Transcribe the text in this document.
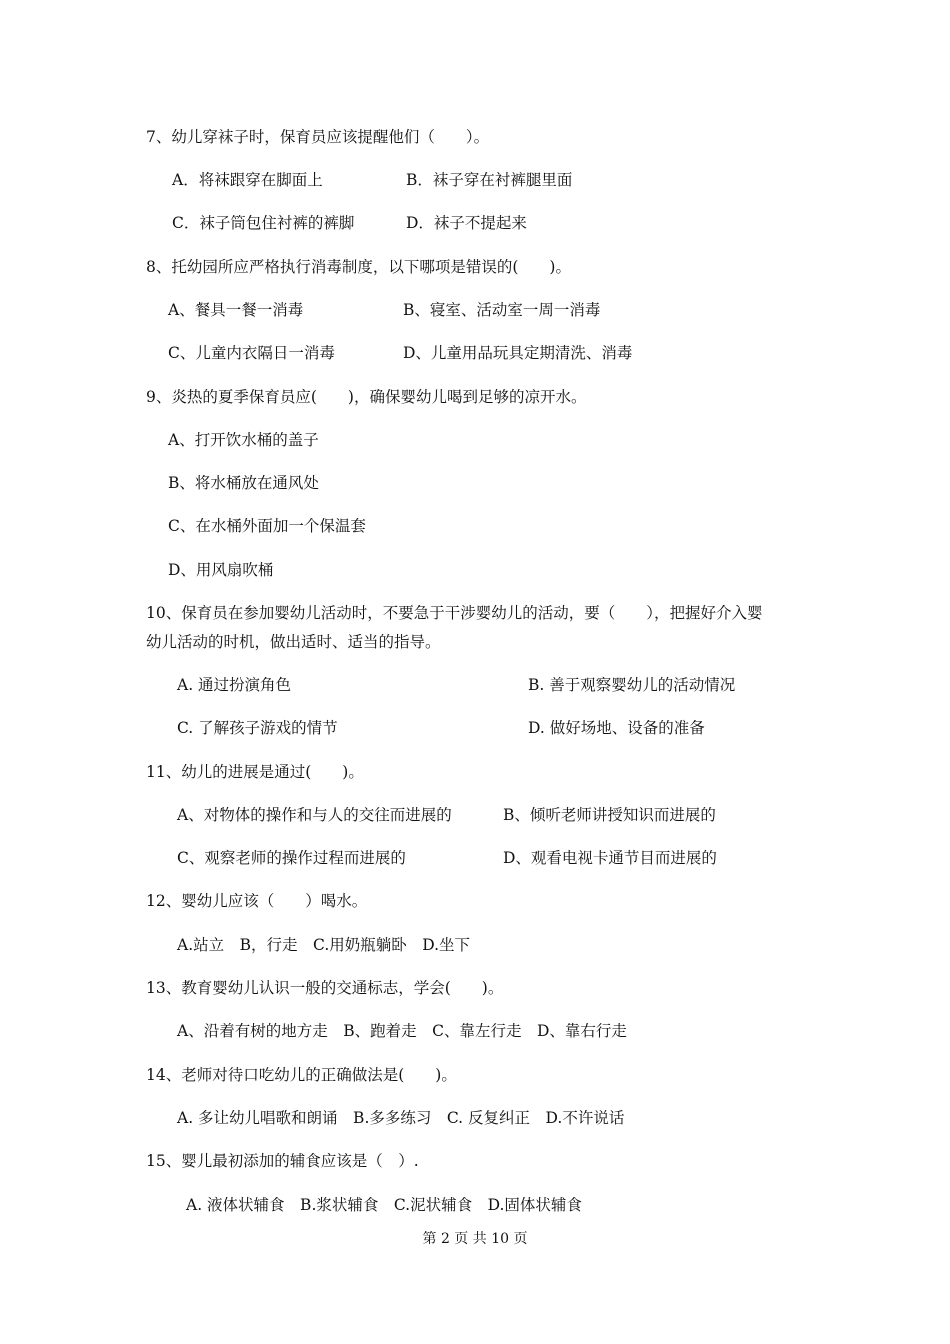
7、幼儿穿袜子时，保育员应该提醒他们（　　）。
A．将袜跟穿在脚面上	B．袜子穿在衬裤腿里面
C．袜子筒包住衬裤的裤脚	D．袜子不提起来
8、托幼园所应严格执行消毒制度，以下哪项是错误的(　　)。
A、餐具一餐一消毒	B、寝室、活动室一周一消毒
C、儿童内衣隔日一消毒	D、儿童用品玩具定期清洗、消毒
9、炎热的夏季保育员应(　　)，确保婴幼儿喝到足够的凉开水。
A、打开饮水桶的盖子
B、将水桶放在通风处
C、在水桶外面加一个保温套
D、用风扇吹桶
10、保育员在参加婴幼儿活动时，不要急于干涉婴幼儿的活动，要（　　），把握好介入婴
幼儿活动的时机，做出适时、适当的指导。
A. 通过扮演角色	B. 善于观察婴幼儿的活动情况
C. 了解孩子游戏的情节	D. 做好场地、设备的准备
11、幼儿的进展是通过(　　)。
A、对物体的操作和与人的交往而进展的	B、倾听老师讲授知识而进展的
C、观察老师的操作过程而进展的	D、观看电视卡通节目而进展的
12、婴幼儿应该（　　）喝水。
A.站立　B，行走　C.用奶瓶躺卧　D.坐下
13、教育婴幼儿认识一般的交通标志，学会(　　)。
A、沿着有树的地方走　B、跑着走　C、靠左行走　D、靠右行走
14、老师对待口吃幼儿的正确做法是(　　)。
A. 多让幼儿唱歌和朗诵　B.多多练习　C. 反复纠正　D.不许说话
15、婴儿最初添加的辅食应该是（　）.
A. 液体状辅食　B.浆状辅食　C.泥状辅食　D.固体状辅食
第 2 页 共 10 页
